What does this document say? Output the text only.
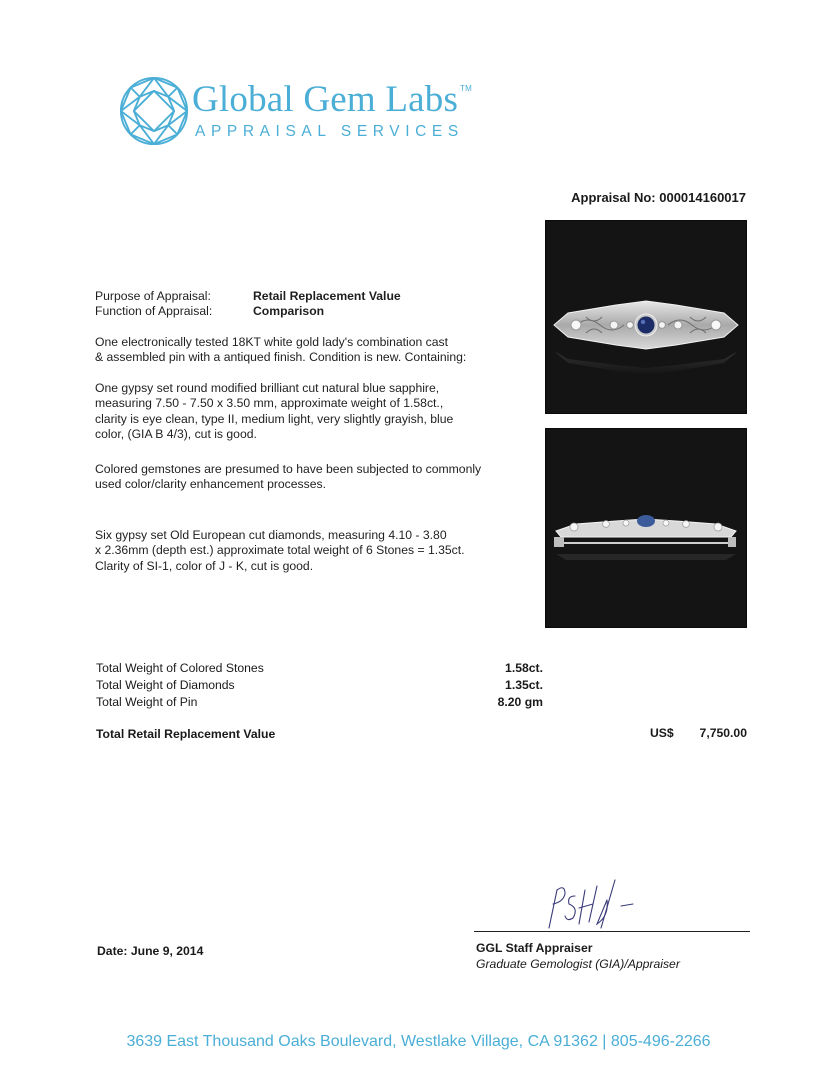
Global Gem Labs ™
APPRAISAL SERVICES
Appraisal No: 000014160017
Purpose of Appraisal:	Retail Replacement Value
Function of Appraisal:	Comparison
One electronically tested 18KT white gold lady's combination cast
& assembled pin with a antiqued finish. Condition is new. Containing:
One gypsy set round modified brilliant cut natural blue sapphire,
measuring 7.50 - 7.50 x 3.50 mm, approximate weight of 1.58ct.,
clarity is eye clean, type II, medium light, very slightly grayish, blue
color, (GIA B 4/3), cut is good.
Colored gemstones are presumed to have been subjected to commonly
used color/clarity enhancement processes.
Six gypsy set Old European cut diamonds, measuring 4.10 - 3.80
x 2.36mm (depth est.) approximate total weight of 6 Stones = 1.35ct.
Clarity of SI-1, color of J - K, cut is good.
Total Weight of Colored Stones	1.58ct.
Total Weight of Diamonds	1.35ct.
Total Weight of Pin	8.20 gm
Total Retail Replacement Value	US$	7,750.00
Date: June 9, 2014	GGL Staff Appraiser
Graduate Gemologist (GIA)/Appraiser
3639 East Thousand Oaks Boulevard, Westlake Village, CA 91362 | 805-496-2266
